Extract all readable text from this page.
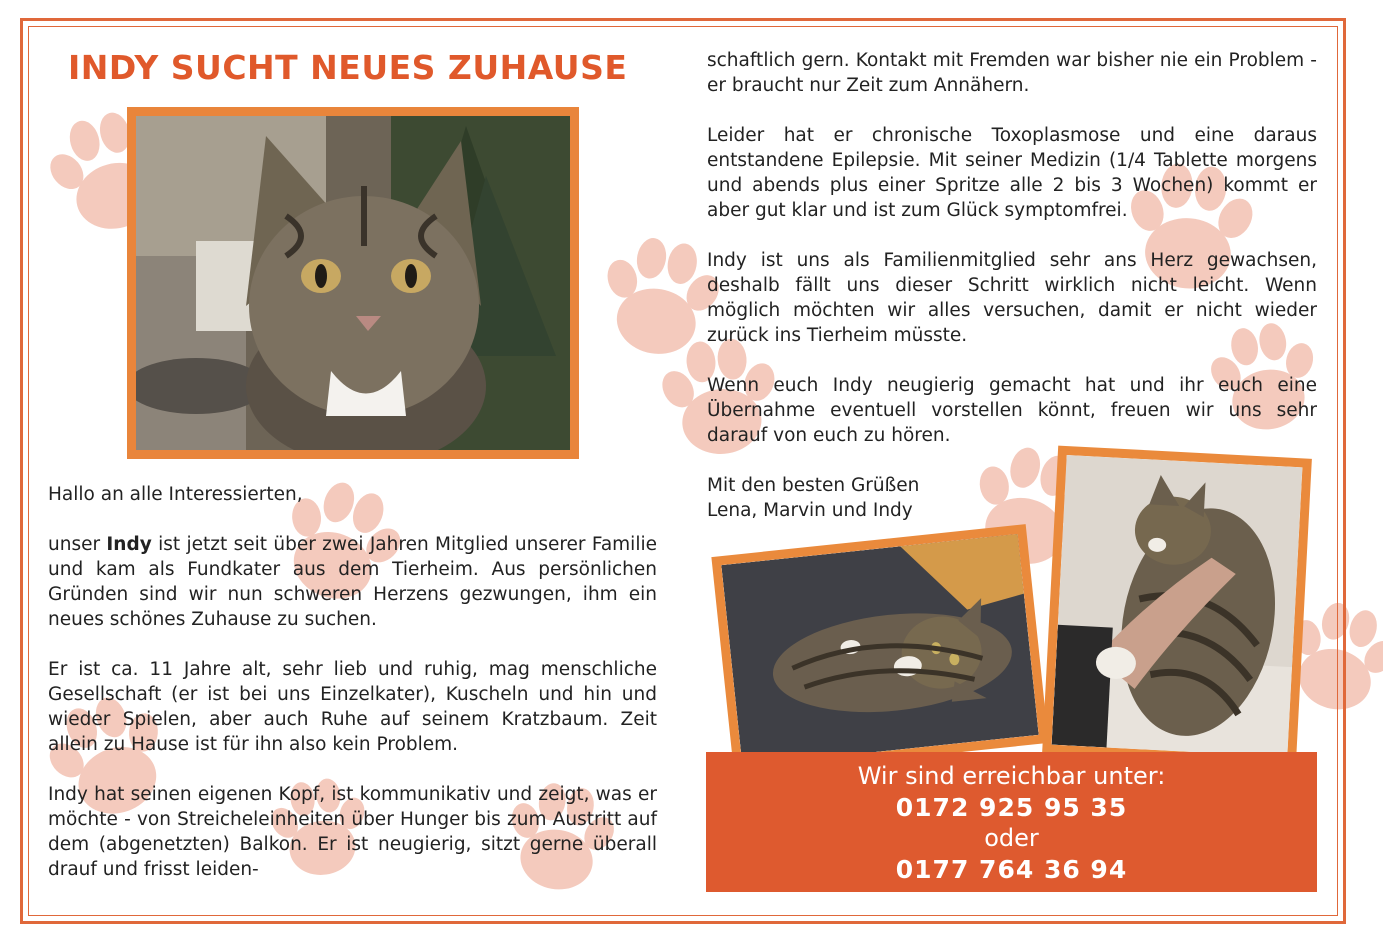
INDY SUCHT NEUES ZUHAUSE

Hallo an alle Interessierten,

unser Indy ist jetzt seit über zwei Jahren Mitglied unserer Familie und kam als Fundkater aus dem Tierheim. Aus persönlichen Gründen sind wir nun schweren Herzens gezwungen, ihm ein neues schönes Zuhause zu suchen.

Er ist ca. 11 Jahre alt, sehr lieb und ruhig, mag menschliche Gesellschaft (er ist bei uns Einzelkater), Kuscheln und hin und wieder Spielen, aber auch Ruhe auf seinem Kratzbaum. Zeit allein zu Hause ist für ihn also kein Problem.

Indy hat seinen eigenen Kopf, ist kommunikativ und zeigt, was er möchte - von Streicheleinheiten über Hunger bis zum Austritt auf dem (abgenetzten) Balkon. Er ist neugierig, sitzt gerne überall drauf und frisst leiden-

schaftlich gern. Kontakt mit Fremden war bisher nie ein Problem - er braucht nur Zeit zum Annähern.

Leider hat er chronische Toxoplasmose und eine daraus entstandene Epilepsie. Mit seiner Medizin (1/4 Tablette morgens und abends plus einer Spritze alle 2 bis 3 Wochen) kommt er aber gut klar und ist zum Glück symptomfrei.

Indy ist uns als Familienmitglied sehr ans Herz gewachsen, deshalb fällt uns dieser Schritt wirklich nicht leicht. Wenn möglich möchten wir alles versuchen, damit er nicht wieder zurück ins Tierheim müsste.

Wenn euch Indy neugierig gemacht hat und ihr euch eine Übernahme eventuell vorstellen könnt, freuen wir uns sehr darauf von euch zu hören.

Mit den besten Grüßen
Lena, Marvin und Indy

Wir sind erreichbar unter:
0172 925 95 35
oder
0177 764 36 94
